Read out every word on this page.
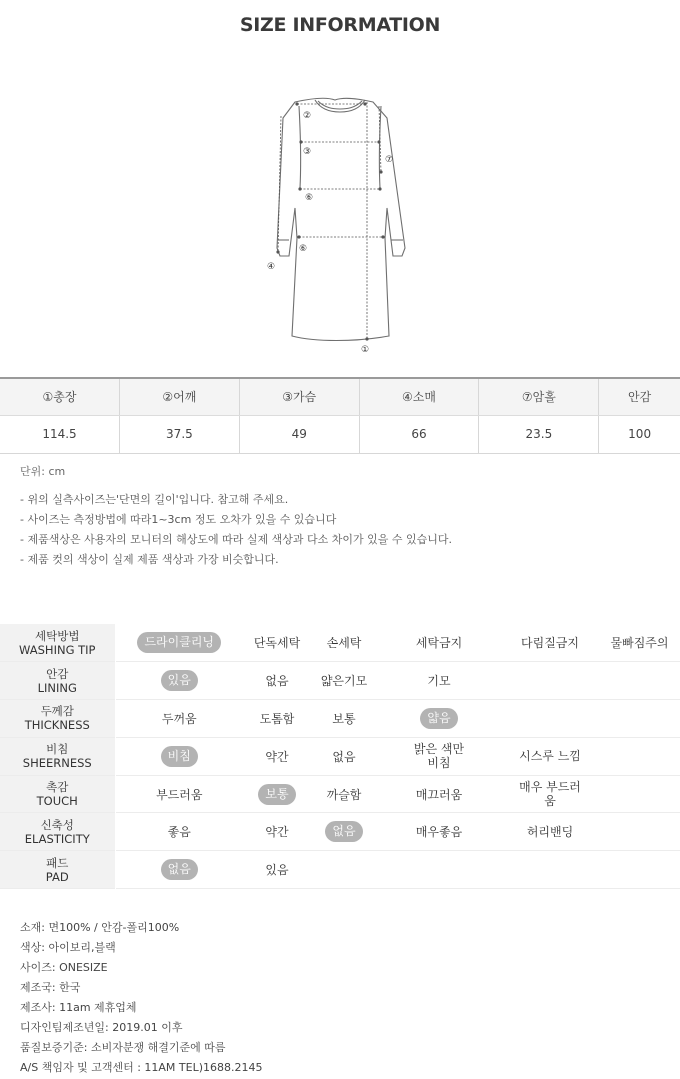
SIZE INFORMATION
②
③
⑦
⑥
⑥
④
①
①총장	②어깨	③가슴	④소매	⑦암홀	안감
114.5	37.5	49	66	23.5	100
단위: cm
- 위의 실측사이즈는'단면의 길이'입니다. 참고해 주세요.
- 사이즈는 측정방법에 따라1~3cm 정도 오차가 있을 수 있습니다
- 제품색상은 사용자의 모니터의 해상도에 따라 실제 색상과 다소 차이가 있을 수 있습니다.
- 제품 컷의 색상이 실제 제품 색상과 가장 비슷합니다.
세탁방법
WASHING TIP	드라이클리닝	단독세탁	손세탁	세탁금지	다림질금지	물빠짐주의

안감
LINING	있음	없음	얇은기모	기모		

두께감
THICKNESS	두꺼움	도톰함	보통	얇음		

비침
SHEERNESS	비침	약간	없음	밝은 색만 비침	시스루 느낌	

촉감
TOUCH	부드러움	보통	까슬함	매끄러움	매우 부드러움	

신축성
ELASTICITY	좋음	약간	없음	매우좋음	허리밴딩	

패드
PAD	없음	있음				
소재: 면100% / 안감-폴리100%
색상: 아이보리,블랙
사이즈: ONESIZE
제조국: 한국
제조사: 11am 제휴업체
디자인팀제조년일: 2019.01 이후
품질보증기준: 소비자분쟁 해결기준에 따름
A/S 책임자 및 고객센터 : 11AM TEL)1688.2145
